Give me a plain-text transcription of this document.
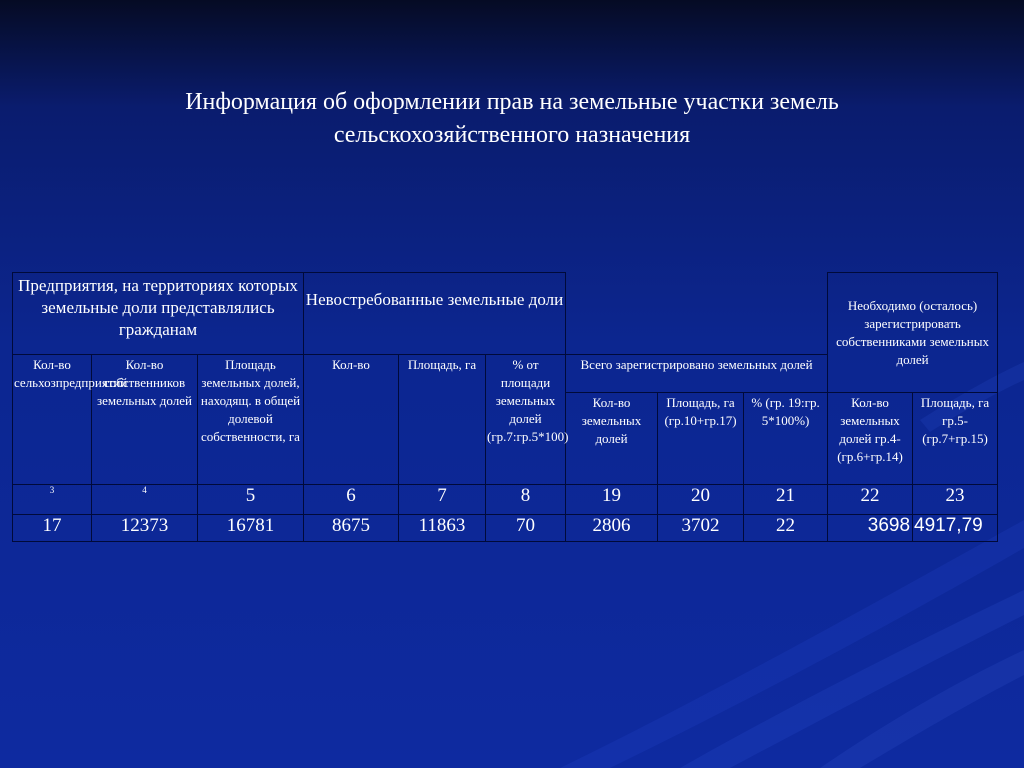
Информация об оформлении прав на земельные участки земель
сельскохозяйственного назначения
Предприятия, на территориях которых земельные доли представлялись гражданам			Невостребованные земельные доли						Необходимо (осталось) зарегистрировать собственниками земельных долей	
Кол-во сельхозпредприятий	Кол-во собственников земельных долей	Площадь земельных долей, находящ. в общей долевой собственности, га								
			Кол-во	Площадь, га	% от площади земельных долей (гр.7:гр.5*100)	Всего зарегистрировано земельных долей				
						Кол-во земельных долей	Площадь, га (гр.10+гр.17)	% (гр. 19:гр. 5*100%)	Кол-во земельных долей гр.4-(гр.6+гр.14)	Площадь, га гр.5-(гр.7+гр.15)
3	4	5	6	7	8	19	20	21	22	23
17	12373	16781	8675	11863	70	2806	3702	22	3698	4917,79
